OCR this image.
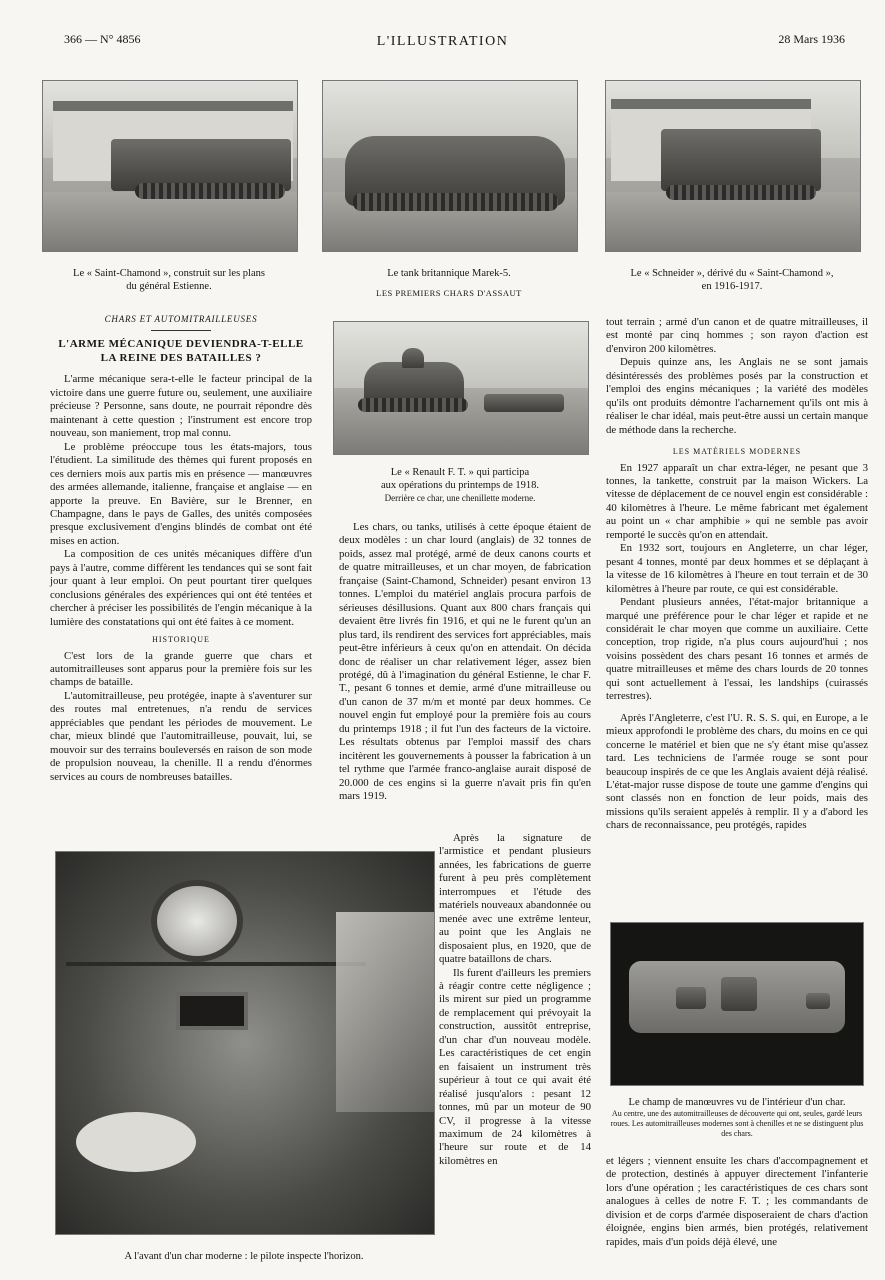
366 — N° 4856	L'ILLUSTRATION	28 Mars 1936
Le « Saint-Chamond », construit sur les plans
du général Estienne.
Le tank britannique Marek-5.
LES PREMIERS CHARS D'ASSAUT
Le « Schneider », dérivé du « Saint-Chamond »,
en 1916-1917.
CHARS ET AUTOMITRAILLEUSES
L'ARME MÉCANIQUE DEVIENDRA-T-ELLE
LA REINE DES BATAILLES ?

L'arme mécanique sera-t-elle le facteur principal de la victoire dans une guerre future ou, seulement, une auxiliaire précieuse ? Personne, sans doute, ne pourrait répondre dès maintenant à cette question ; l'instrument est encore trop nouveau, son maniement, trop mal connu.

Le problème préoccupe tous les états-majors, tous l'étudient. La similitude des thèmes qui furent proposés en ces derniers mois aux partis mis en présence — manœuvres des armées allemande, italienne, française et anglaise — en apporte la preuve. En Bavière, sur le Brenner, en Champagne, dans le pays de Galles, des unités composées presque exclusivement d'engins blindés de combat ont été mises en action.

La composition de ces unités mécaniques diffère d'un pays à l'autre, comme diffèrent les tendances qui se sont fait jour quant à leur emploi. On peut pourtant tirer quelques conclusions générales des expériences qui ont été tentées et chercher à préciser les possibilités de l'engin mécanique à la lumière des constatations qui ont été faites à ce moment.

HISTORIQUE

C'est lors de la grande guerre que chars et automitrailleuses sont apparus pour la première fois sur les champs de bataille.

L'automitrailleuse, peu protégée, inapte à s'aventurer sur des routes mal entretenues, n'a rendu de services appréciables que pendant les périodes de mouvement. Le char, mieux blindé que l'automitrailleuse, pouvait, lui, se mouvoir sur des terrains bouleversés en raison de son mode de propulsion nouveau, la chenille. Il a rendu d'énormes services au cours de nombreuses batailles.

Le « Renault F. T. » qui participa
aux opérations du printemps de 1918.
Derrière ce char, une chenillette moderne.

Les chars, ou tanks, utilisés à cette époque étaient de deux modèles : un char lourd (anglais) de 32 tonnes de poids, assez mal protégé, armé de deux canons courts et de quatre mitrailleuses, et un char moyen, de fabrication française (Saint-Chamond, Schneider) pesant environ 13 tonnes. L'emploi du matériel anglais procura parfois de sérieuses désillusions. Quant aux 800 chars français qui devaient être livrés fin 1916, et qui ne le furent qu'un an plus tard, ils rendirent des services fort appréciables, mais peut-être inférieurs à ceux qu'on en attendait. On décida donc de réaliser un char relativement léger, assez bien protégé, dû à l'imagination du général Estienne, le char F. T., pesant 6 tonnes et demie, armé d'une mitrailleuse ou d'un canon de 37 m/m et monté par deux hommes. Ce nouvel engin fut employé pour la première fois au cours du printemps 1918 ; il fut l'un des facteurs de la victoire. Les résultats obtenus par l'emploi massif des chars incitèrent les gouvernements à pousser la fabrication à un tel rythme que l'armée franco-anglaise aurait disposé de 20.000 de ces engins si la guerre n'avait pris fin qu'en mars 1919.

Après la signature de l'armistice et pendant plusieurs années, les fabrications de guerre furent à peu près complètement interrompues et l'étude des matériels nouveaux abandonnée ou menée avec une extrême lenteur, au point que les Anglais ne disposaient plus, en 1920, que de quatre bataillons de chars.

Ils furent d'ailleurs les premiers à réagir contre cette négligence ; ils mirent sur pied un programme de remplacement qui prévoyait la construction, aussitôt entreprise, d'un char d'un nouveau modèle. Les caractéristiques de cet engin en faisaient un instrument très supérieur à tout ce qui avait été réalisé jusqu'alors : pesant 12 tonnes, mû par un moteur de 90 CV, il progresse à la vitesse maximum de 24 kilomètres à l'heure sur route et de 14 kilomètres en

A l'avant d'un char moderne : le pilote inspecte l'horizon.

tout terrain ; armé d'un canon et de quatre mitrailleuses, il est monté par cinq hommes ; son rayon d'action est d'environ 200 kilomètres.

Depuis quinze ans, les Anglais ne se sont jamais désintéressés des problèmes posés par la construction et l'emploi des engins mécaniques ; la variété des modèles qu'ils ont produits démontre l'acharnement qu'ils ont mis à réaliser le char idéal, mais peut-être aussi un certain manque de méthode dans la recherche.

LES MATÉRIELS MODERNES

En 1927 apparaît un char extra-léger, ne pesant que 3 tonnes, la tankette, construit par la maison Wickers. La vitesse de déplacement de ce nouvel engin est considérable : 40 kilomètres à l'heure. Le même fabricant met également au point un « char amphibie » qui ne semble pas avoir remporté le succès qu'on en attendait.

En 1932 sort, toujours en Angleterre, un char léger, pesant 4 tonnes, monté par deux hommes et se déplaçant à la vitesse de 16 kilomètres à l'heure en tout terrain et de 30 kilomètres à l'heure par route, ce qui est considérable.

Pendant plusieurs années, l'état-major britannique a marqué une préférence pour le char léger et rapide et ne considérait le char moyen que comme un auxiliaire. Cette conception, trop rigide, n'a plus cours aujourd'hui ; nos voisins possèdent des chars pesant 16 tonnes et armés de quatre mitrailleuses et même des chars lourds de 20 tonnes qui sont actuellement à l'essai, les landships (cuirassés terrestres).

Après l'Angleterre, c'est l'U. R. S. S. qui, en Europe, a le mieux approfondi le problème des chars, du moins en ce qui concerne le matériel et bien que ne s'y étant mise qu'assez tard. Les techniciens de l'armée rouge se sont pour beaucoup inspirés de ce que les Anglais avaient déjà réalisé. L'état-major russe dispose de toute une gamme d'engins qui sont classés non en fonction de leur poids, mais des missions qu'ils seraient appelés à remplir. Il y a d'abord les chars de reconnaissance, peu protégés, rapides

Le champ de manœuvres vu de l'intérieur d'un char.
Au centre, une des automitrailleuses de découverte qui ont, seules, gardé leurs roues. Les automitrailleuses modernes sont à chenilles et ne se distinguent plus des chars.

et légers ; viennent ensuite les chars d'accompagnement et de protection, destinés à appuyer directement l'infanterie lors d'une opération ; les caractéristiques de ces chars sont analogues à celles de notre F. T. ; les commandants de division et de corps d'armée disposeraient de chars d'action éloignée, engins bien armés, bien protégés, relativement rapides, mais d'un poids déjà élevé, une
